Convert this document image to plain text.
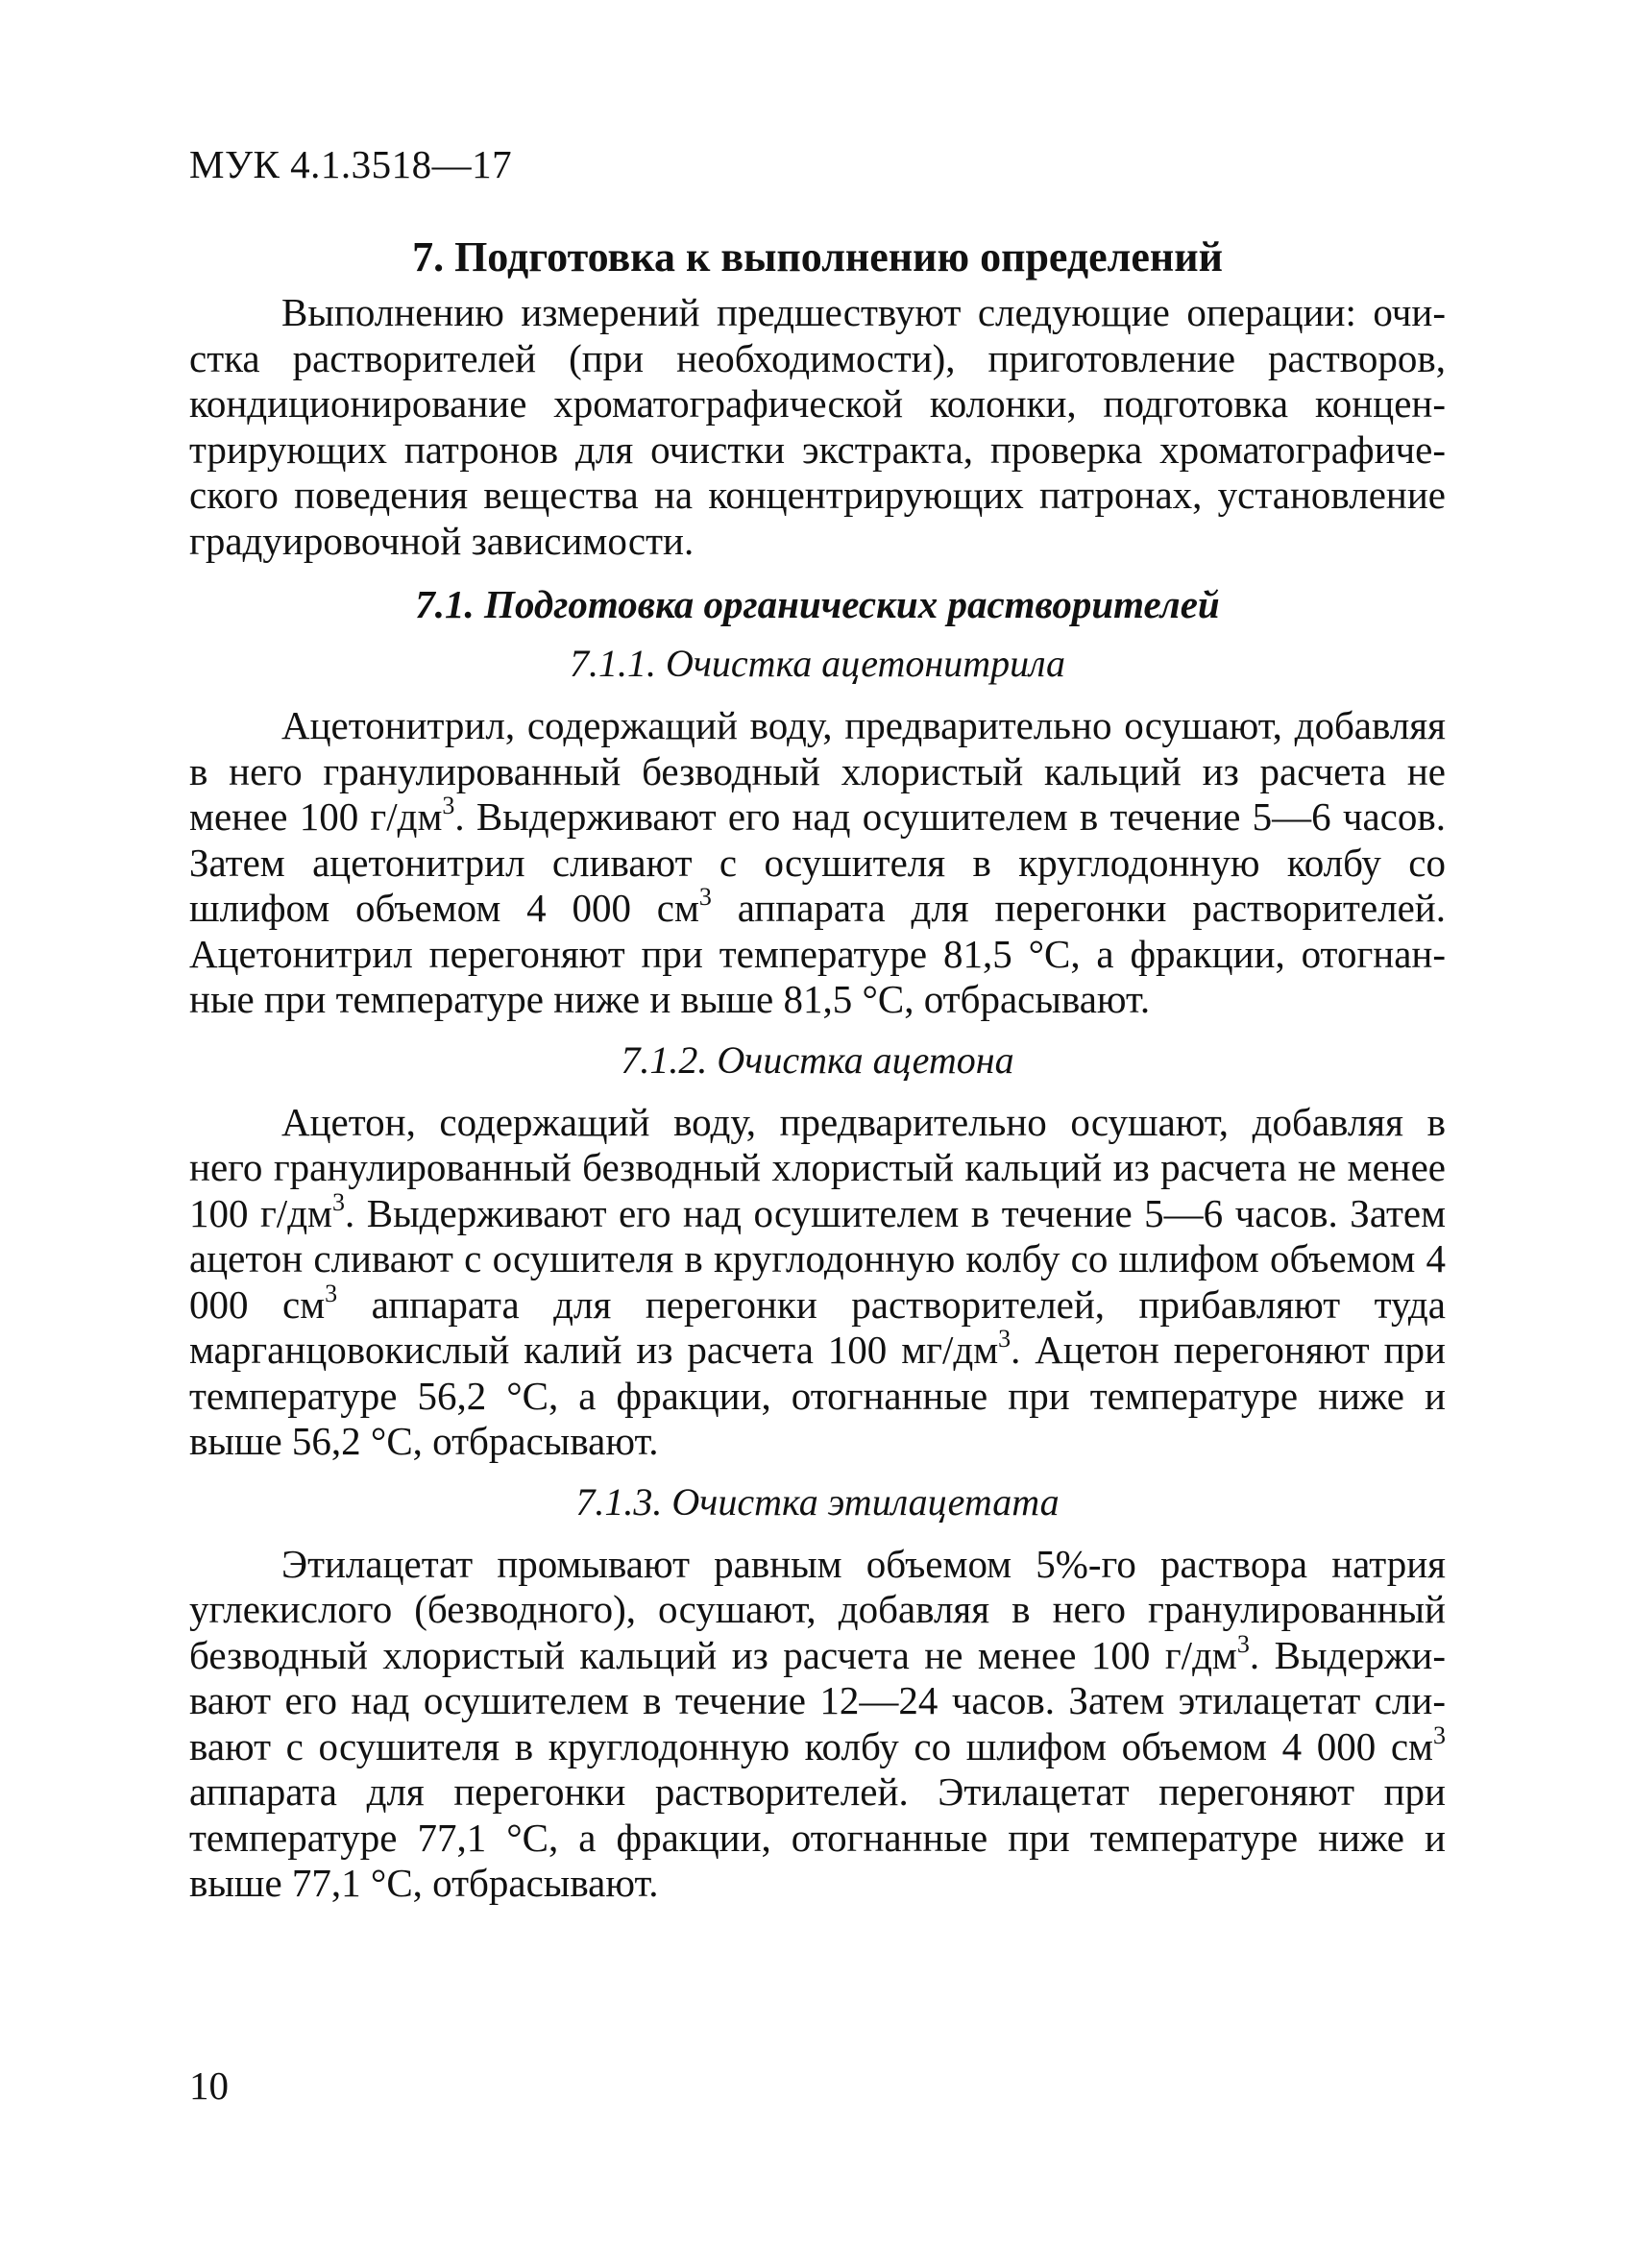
МУК 4.1.3518—17
7. Подготовка к выполнению определений

Выполнению измерений предшествуют следующие операции: очистка растворителей (при необходимости), приготовление растворов, кондиционирование хроматографической колонки, подготовка концентрирующих патронов для очистки экстракта, проверка хроматографического поведения вещества на концентрирующих патронах, установление градуировочной зависимости.

7.1. Подготовка органических растворителей
7.1.1. Очистка ацетонитрила

Ацетонитрил, содержащий воду, предварительно осушают, добавляя в него гранулированный безводный хлористый кальций из расчета не менее 100 $г/дм^3$. Выдерживают его над осушителем в течение 5—6 часов. Затем ацетонитрил сливают с осушителя в круглодонную колбу со шлифом объемом 4 000 $см^3$ аппарата для перегонки растворителей. Ацетонитрил перегоняют при температуре 81,5 °С, а фракции, отогнанные при температуре ниже и выше 81,5 °С, отбрасывают.

7.1.2. Очистка ацетона

Ацетон, содержащий воду, предварительно осушают, добавляя в него гранулированный безводный хлористый кальций из расчета не менее 100 $г/дм^3$. Выдерживают его над осушителем в течение 5—6 часов. Затем ацетон сливают с осушителя в круглодонную колбу со шлифом объемом 4 000 $см^3$ аппарата для перегонки растворителей, прибавляют туда марганцовокислый калий из расчета 100 $мг/дм^3$. Ацетон перегоняют при температуре 56,2 °С, а фракции, отогнанные при температуре ниже и выше 56,2 °С, отбрасывают.

7.1.3. Очистка этилацетата

Этилацетат промывают равным объемом 5%-го раствора натрия углекислого (безводного), осушают, добавляя в него гранулированный безводный хлористый кальций из расчета не менее 100 $г/дм^3$. Выдерживают его над осушителем в течение 12—24 часов. Затем этилацетат сливают с осушителя в круглодонную колбу со шлифом объемом 4 000 $см^3$ аппарата для перегонки растворителей. Этилацетат перегоняют при температуре 77,1 °С, а фракции, отогнанные при температуре ниже и выше 77,1 °С, отбрасывают.

10
